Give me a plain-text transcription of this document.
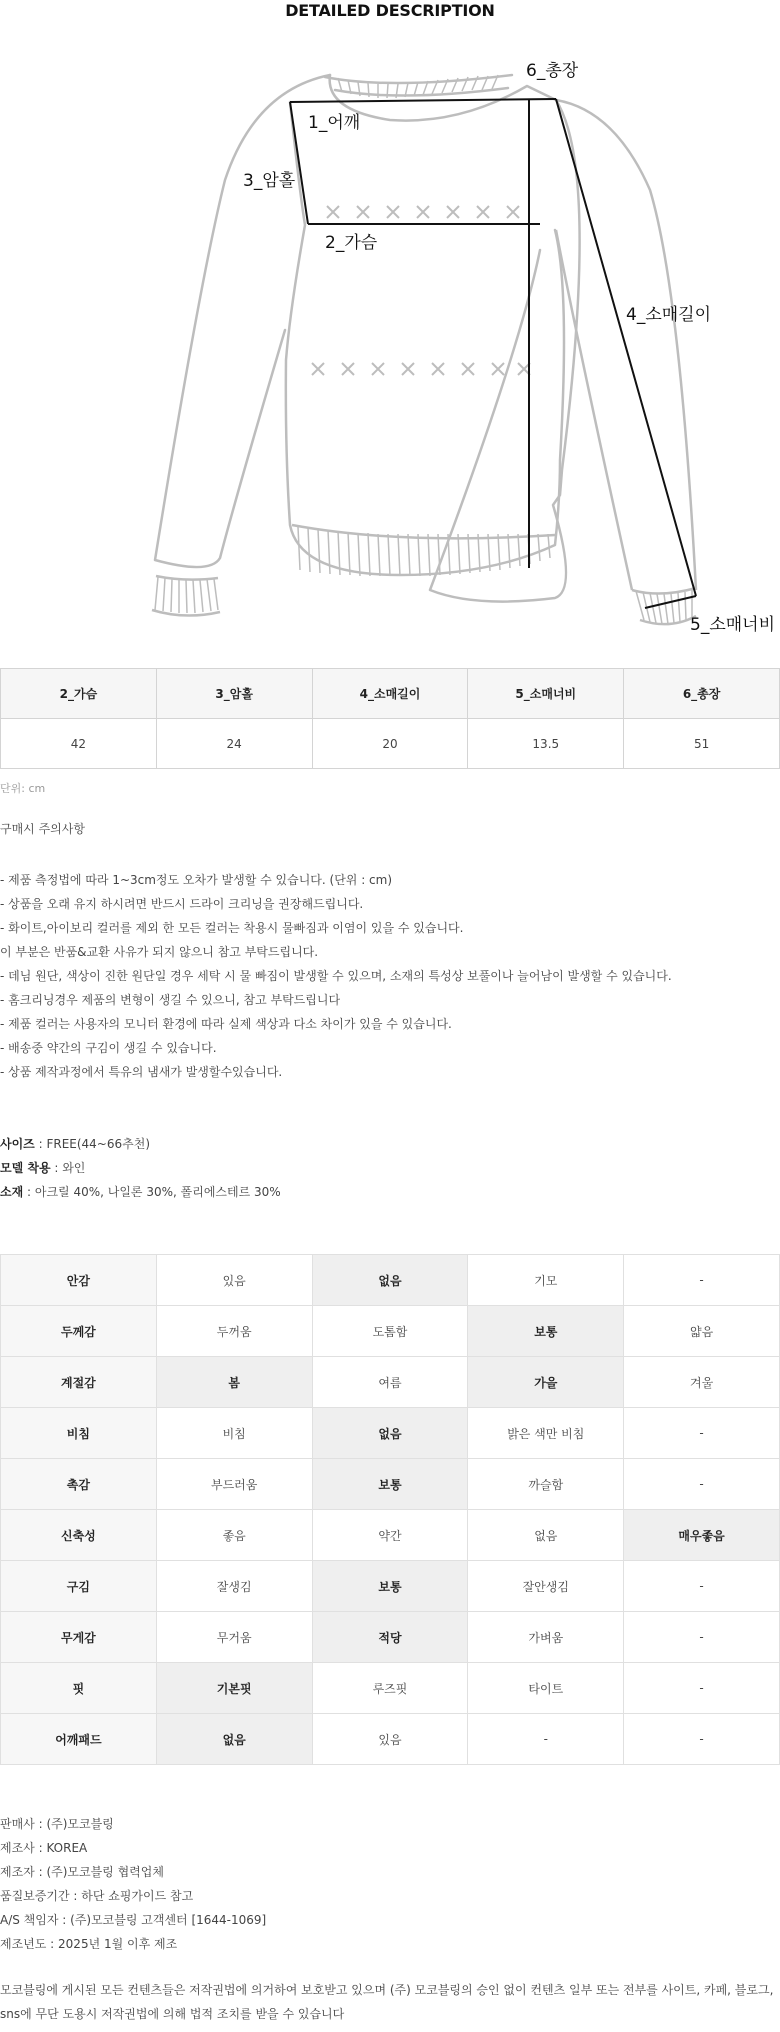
DETAILED DESCRIPTION
1_어깨
2_가슴
3_암홀
4_소매길이
5_소매너비
6_총장
2_가슴	3_암홀	4_소매길이	5_소매너비	6_총장
42	24	20	13.5	51
단위: cm
구매시 주의사항
- 제품 측정법에 따라 1~3cm정도 오차가 발생할 수 있습니다. (단위 : cm)
- 상품을 오래 유지 하시려면 반드시 드라이 크리닝을 권장해드립니다.
- 화이트,아이보리 컬러를 제외 한 모든 컬러는 착용시 물빠짐과 이염이 있을 수 있습니다.
이 부분은 반품&교환 사유가 되지 않으니 참고 부탁드립니다.
- 데님 원단, 색상이 진한 원단일 경우 세탁 시 물 빠짐이 발생할 수 있으며, 소재의 특성상 보풀이나 늘어남이 발생할 수 있습니다.
- 홈크리닝경우 제품의 변형이 생길 수 있으니, 참고 부탁드립니다
- 제품 컬러는 사용자의 모니터 환경에 따라 실제 색상과 다소 차이가 있을 수 있습니다.
- 배송중 약간의 구김이 생길 수 있습니다.
- 상품 제작과정에서 특유의 냄새가 발생할수있습니다.
사이즈 : FREE(44~66추천)
모델 착용 : 와인
소재 : 아크릴 40%, 나일론 30%, 폴리에스테르 30%
안감	있음	없음	기모	-
두께감	두꺼움	도톰함	보통	얇음
계절감	봄	여름	가을	겨울
비침	비침	없음	밝은 색만 비침	-
촉감	부드러움	보통	까슬함	-
신축성	좋음	약간	없음	매우좋음
구김	잘생김	보통	잘안생김	-
무게감	무거움	적당	가벼움	-
핏	기본핏	루즈핏	타이트	-
어깨패드	없음	있음	-	-
판매사 : (주)모코블링
제조사 : KOREA
제조자 : (주)모코블링 협력업체
품질보증기간 : 하단 쇼핑가이드 참고
A/S 책임자 : (주)모코블링 고객센터 [1644-1069]
제조년도 : 2025년 1월 이후 제조
모코블링에 게시된 모든 컨텐츠들은 저작권법에 의거하여 보호받고 있으며 (주) 모코블링의 승인 없이 컨텐츠 일부 또는 전부를 사이트, 카페, 블로그, sns에 무단 도용시 저작권법에 의해 법적 조치를 받을 수 있습니다
